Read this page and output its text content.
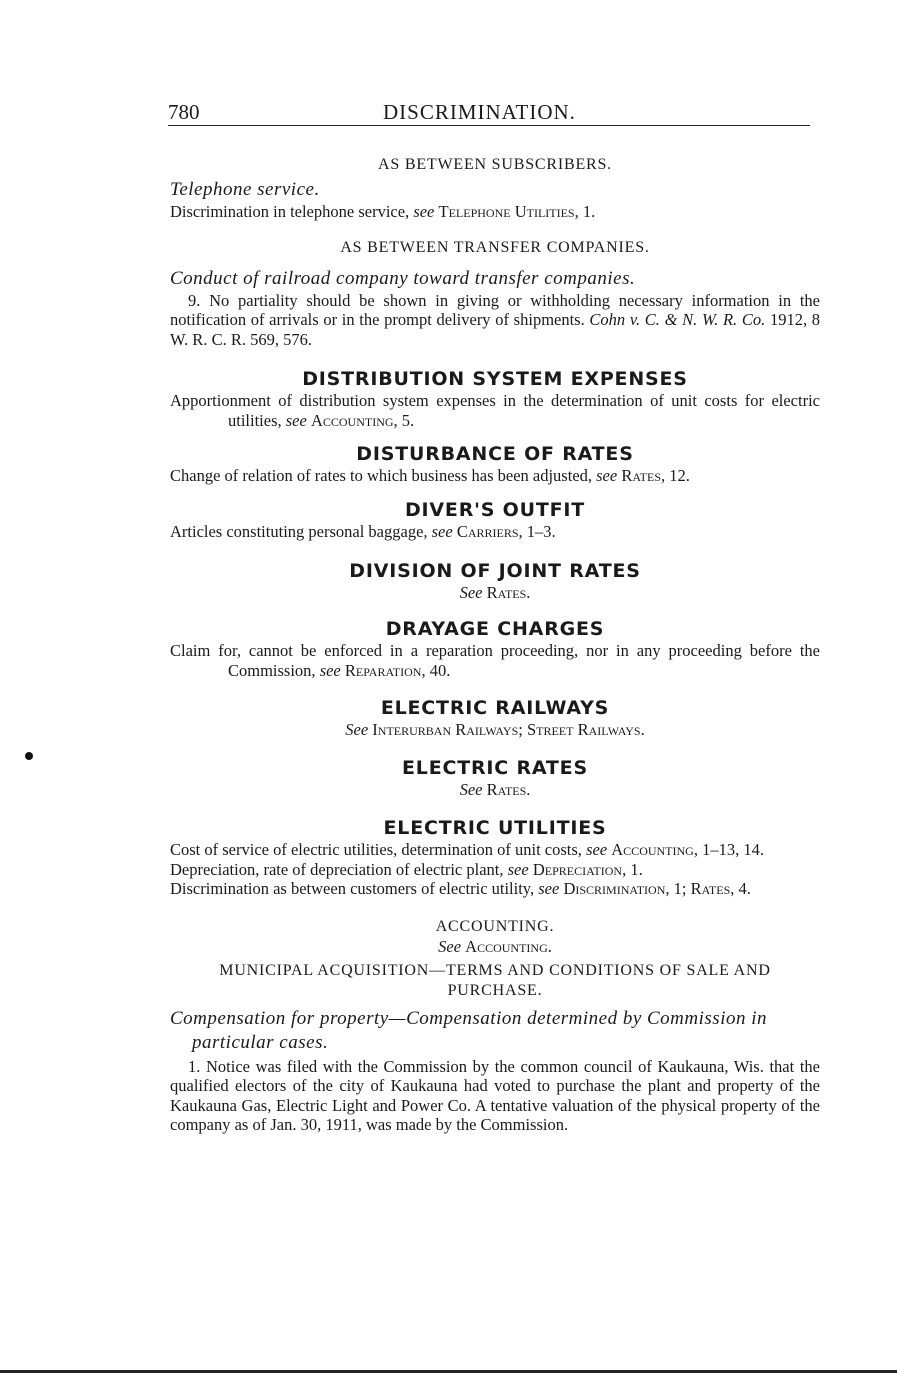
780	DISCRIMINATION.

AS BETWEEN SUBSCRIBERS.

Telephone service.

Discrimination in telephone service, see Telephone Utilities, 1.

AS BETWEEN TRANSFER COMPANIES.

Conduct of railroad company toward transfer companies.

9. No partiality should be shown in giving or withholding necessary information in the notification of arrivals or in the prompt delivery of shipments. Cohn v. C. & N. W. R. Co. 1912, 8 W. R. C. R. 569, 576.

DISTRIBUTION SYSTEM EXPENSES

Apportionment of distribution system expenses in the determination of unit costs for electric utilities, see Accounting, 5.

DISTURBANCE OF RATES

Change of relation of rates to which business has been adjusted, see Rates, 12.

DIVER'S OUTFIT

Articles constituting personal baggage, see Carriers, 1–3.

DIVISION OF JOINT RATES

See Rates.

DRAYAGE CHARGES

Claim for, cannot be enforced in a reparation proceeding, nor in any proceeding before the Commission, see Reparation, 40.

ELECTRIC RAILWAYS

See Interurban Railways; Street Railways.

ELECTRIC RATES

See Rates.

ELECTRIC UTILITIES

Cost of service of electric utilities, determination of unit costs, see Accounting, 1–13, 14.

Depreciation, rate of depreciation of electric plant, see Depreciation, 1.

Discrimination as between customers of electric utility, see Discrimination, 1; Rates, 4.

ACCOUNTING.

See Accounting.

MUNICIPAL ACQUISITION—TERMS AND CONDITIONS OF SALE AND PURCHASE.

Compensation for property—Compensation determined by Commission in particular cases.

1. Notice was filed with the Commission by the common council of Kaukauna, Wis. that the qualified electors of the city of Kaukauna had voted to purchase the plant and property of the Kaukauna Gas, Electric Light and Power Co. A tentative valuation of the physical property of the company as of Jan. 30, 1911, was made by the Commission.
